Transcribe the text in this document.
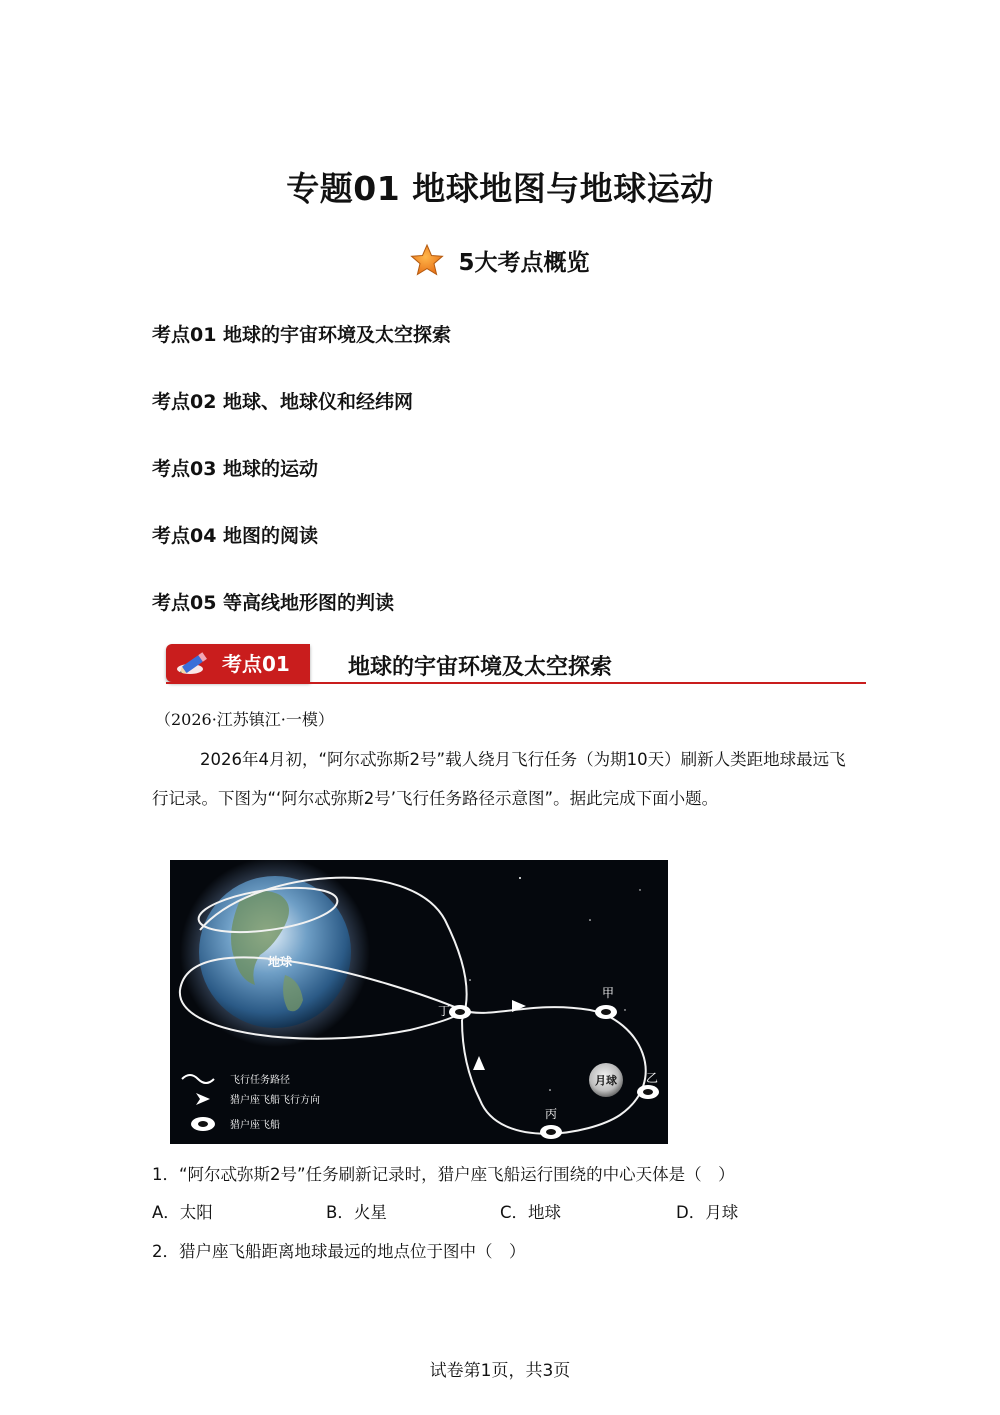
专题01 地球地图与地球运动
5大考点概览
考点01 地球的宇宙环境及太空探索
考点02 地球、地球仪和经纬网
考点03 地球的运动
考点04 地图的阅读
考点05 等高线地形图的判读
考点01	地球的宇宙环境及太空探索
（2026·江苏镇江·一模）

2026年4月初，“阿尔忒弥斯2号”载人绕月飞行任务（为期10天）刷新人类距地球最远飞行记录。下图为“‘阿尔忒弥斯2号’飞行任务路径示意图”。据此完成下面小题。

地球
月球
丁
甲
乙
丙
飞行任务路径
猎户座飞船飞行方向
猎户座飞船
1．“阿尔忒弥斯2号”任务刷新记录时，猎户座飞船运行围绕的中心天体是（　）
A．太阳	B．火星	C．地球	D．月球
2．猎户座飞船距离地球最远的地点位于图中（　）
试卷第1页，共3页
